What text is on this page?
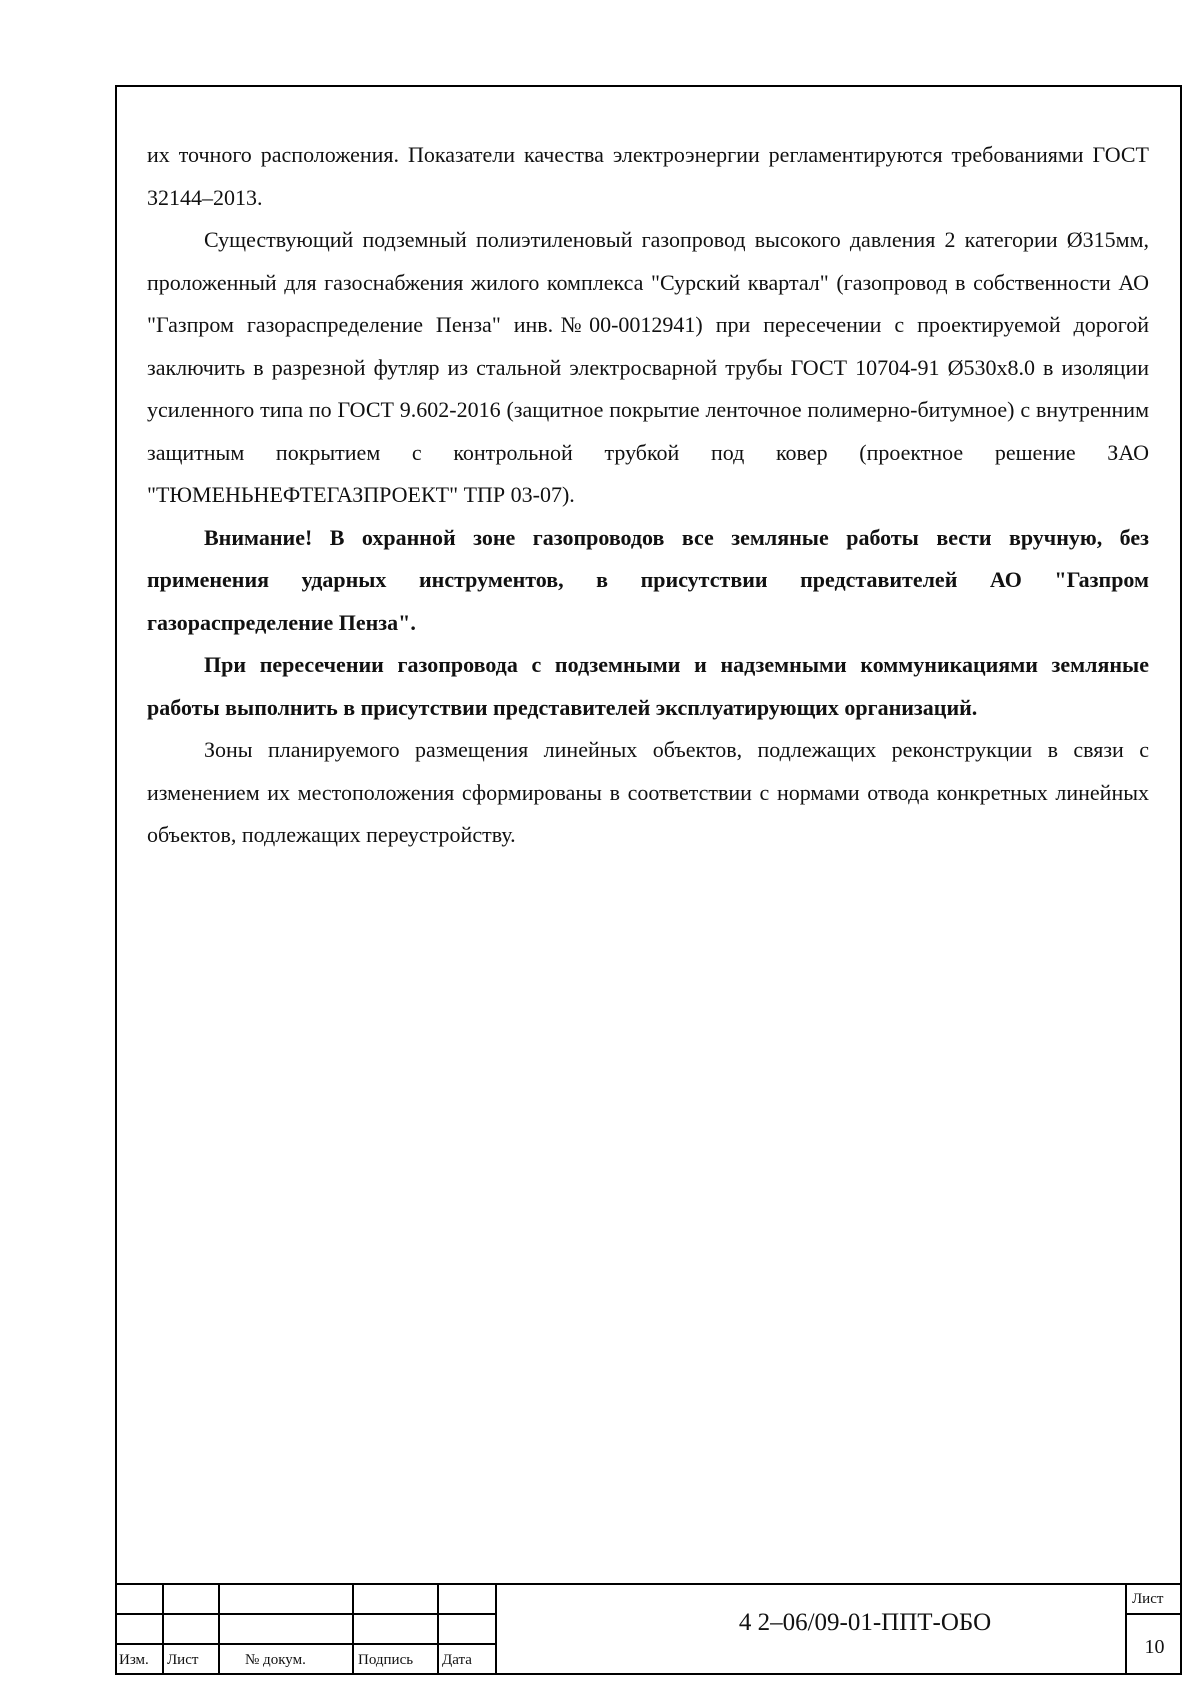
их точного расположения. Показатели качества электроэнергии регламентируются требованиями ГОСТ 32144–2013.

Существующий подземный полиэтиленовый газопровод высокого давления 2 категории Ø315мм, проложенный для газоснабжения жилого комплекса "Сурский квартал" (газопровод в собственности АО "Газпром газораспределение Пенза" инв.№00-0012941) при пересечении с проектируемой дорогой заключить в разрезной футляр из стальной электросварной трубы ГОСТ 10704-91 Ø530х8.0 в изоляции усиленного типа по ГОСТ 9.602-2016 (защитное покрытие ленточное полимерно-битумное) с внутренним защитным покрытием с контрольной трубкой под ковер (проектное решение ЗАО "ТЮМЕНЬНЕФТЕГАЗПРОЕКТ" ТПР 03-07).

Внимание! В охранной зоне газопроводов все земляные работы вести вручную, без применения ударных инструментов, в присутствии представителей АО "Газпром газораспределение Пенза".

При пересечении газопровода с подземными и надземными коммуникациями земляные работы выполнить в присутствии представителей эксплуатирующих организаций.

Зоны планируемого размещения линейных объектов, подлежащих реконструкции в связи с изменением их местоположения сформированы в соответствии с нормами отвода конкретных линейных объектов, подлежащих переустройству.

Изм. Лист	№ докум.	Подпись Дата
4 2–06/09-01-ППТ-ОБО
Лист
10
